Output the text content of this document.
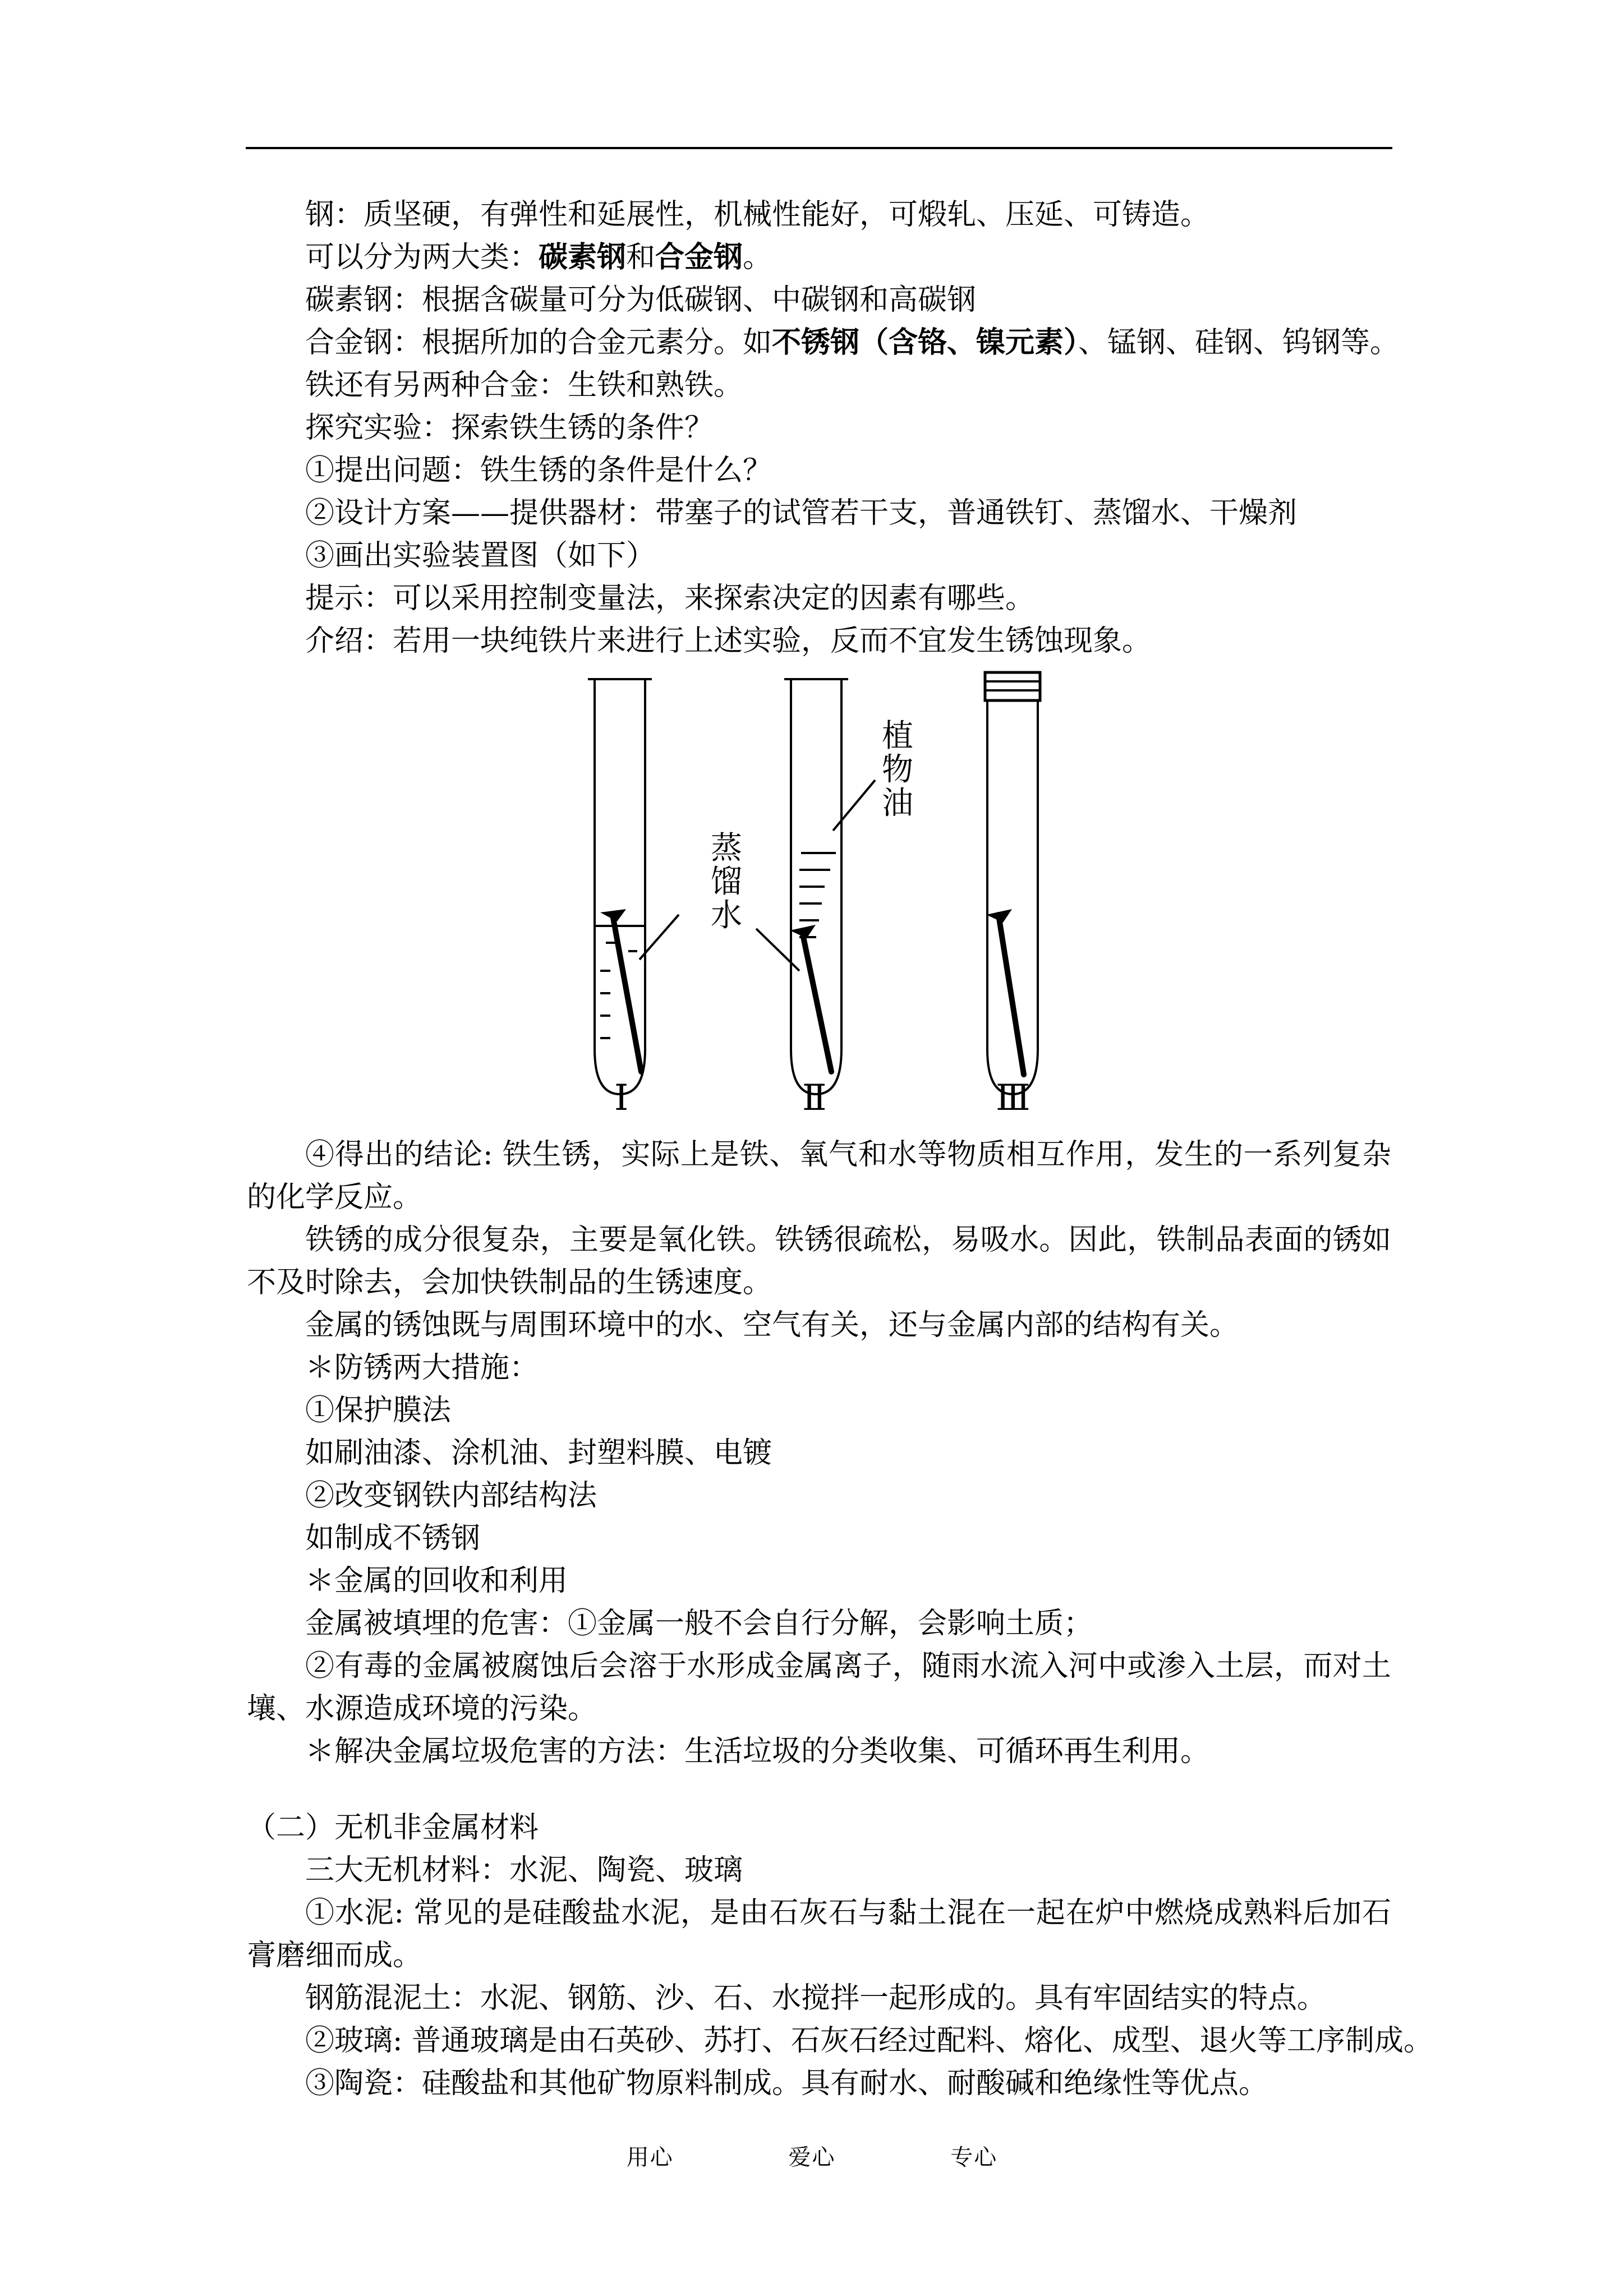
钢：质坚硬，有弹性和延展性，机械性能好，可煅轧、压延、可铸造。
可以分为两大类：碳素钢和合金钢。
碳素钢：根据含碳量可分为低碳钢、中碳钢和高碳钢
合金钢：根据所加的合金元素分。如不锈钢（含铬、镍元素）、锰钢、硅钢、钨钢等。
铁还有另两种合金：生铁和熟铁。
探究实验：探索铁生锈的条件？
①提出问题：铁生锈的条件是什么？
②设计方案——提供器材：带塞子的试管若干支，普通铁钉、蒸馏水、干燥剂
③画出实验装置图（如下）
提示：可以采用控制变量法，来探索决定的因素有哪些。
介绍：若用一块纯铁片来进行上述实验，反而不宜发生锈蚀现象。
植
物
油
蒸
馏
水
Ⅰ	Ⅱ	Ⅲ
④得出的结论: 铁生锈，实际上是铁、氧气和水等物质相互作用，发生的一系列复杂的化学反应。
铁锈的成分很复杂，主要是氧化铁。铁锈很疏松，易吸水。因此，铁制品表面的锈如不及时除去，会加快铁制品的生锈速度。
金属的锈蚀既与周围环境中的水、空气有关，还与金属内部的结构有关。
＊防锈两大措施：
①保护膜法
如刷油漆、涂机油、封塑料膜、电镀
②改变钢铁内部结构法
如制成不锈钢
＊金属的回收和利用
金属被填埋的危害：①金属一般不会自行分解，会影响土质；
②有毒的金属被腐蚀后会溶于水形成金属离子，随雨水流入河中或渗入土层，而对土壤、水源造成环境的污染。
＊解决金属垃圾危害的方法：生活垃圾的分类收集、可循环再生利用。
（二）无机非金属材料
三大无机材料：水泥、陶瓷、玻璃
①水泥: 常见的是硅酸盐水泥，是由石灰石与黏土混在一起在炉中燃烧成熟料后加石膏磨细而成。
钢筋混泥土：水泥、钢筋、沙、石、水搅拌一起形成的。具有牢固结实的特点。
②玻璃: 普通玻璃是由石英砂、苏打、石灰石经过配料、熔化、成型、退火等工序制成。
③陶瓷：硅酸盐和其他矿物原料制成。具有耐水、耐酸碱和绝缘性等优点。
用心	爱心	专心
